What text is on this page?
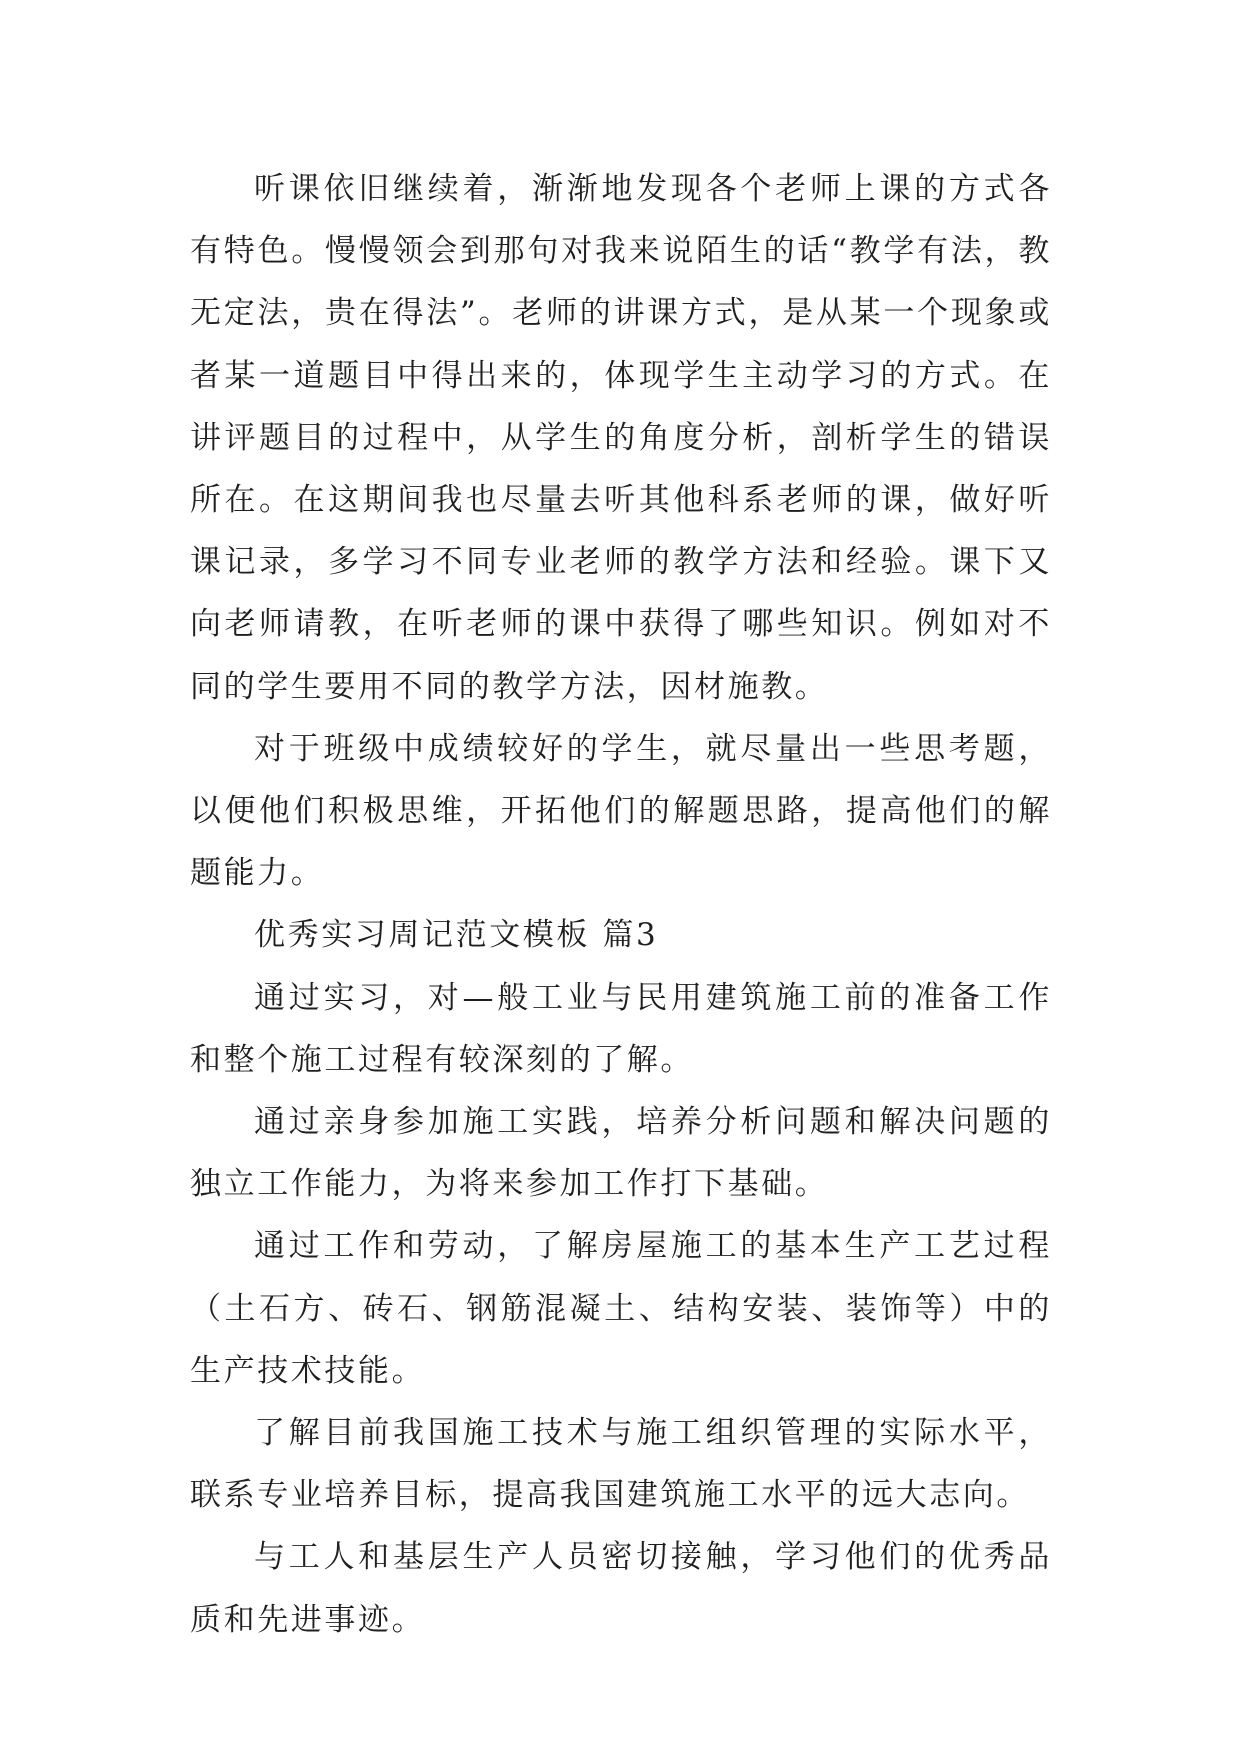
听课依旧继续着，渐渐地发现各个老师上课的方式各有特色。慢慢领会到那句对我来说陌生的话“教学有法，教无定法，贵在得法”。老师的讲课方式，是从某一个现象或者某一道题目中得出来的，体现学生主动学习的方式。在讲评题目的过程中，从学生的角度分析，剖析学生的错误所在。在这期间我也尽量去听其他科系老师的课，做好听课记录，多学习不同专业老师的教学方法和经验。课下又向老师请教，在听老师的课中获得了哪些知识。例如对不同的学生要用不同的教学方法，因材施教。

对于班级中成绩较好的学生，就尽量出一些思考题，以便他们积极思维，开拓他们的解题思路，提高他们的解题能力。

优秀实习周记范文模板 篇3

通过实习，对—般工业与民用建筑施工前的准备工作和整个施工过程有较深刻的了解。

通过亲身参加施工实践，培养分析问题和解决问题的独立工作能力，为将来参加工作打下基础。

通过工作和劳动，了解房屋施工的基本生产工艺过程（土石方、砖石、钢筋混凝土、结构安装、装饰等）中的生产技术技能。

了解目前我国施工技术与施工组织管理的实际水平，联系专业培养目标，提高我国建筑施工水平的远大志向。

与工人和基层生产人员密切接触，学习他们的优秀品质和先进事迹。
